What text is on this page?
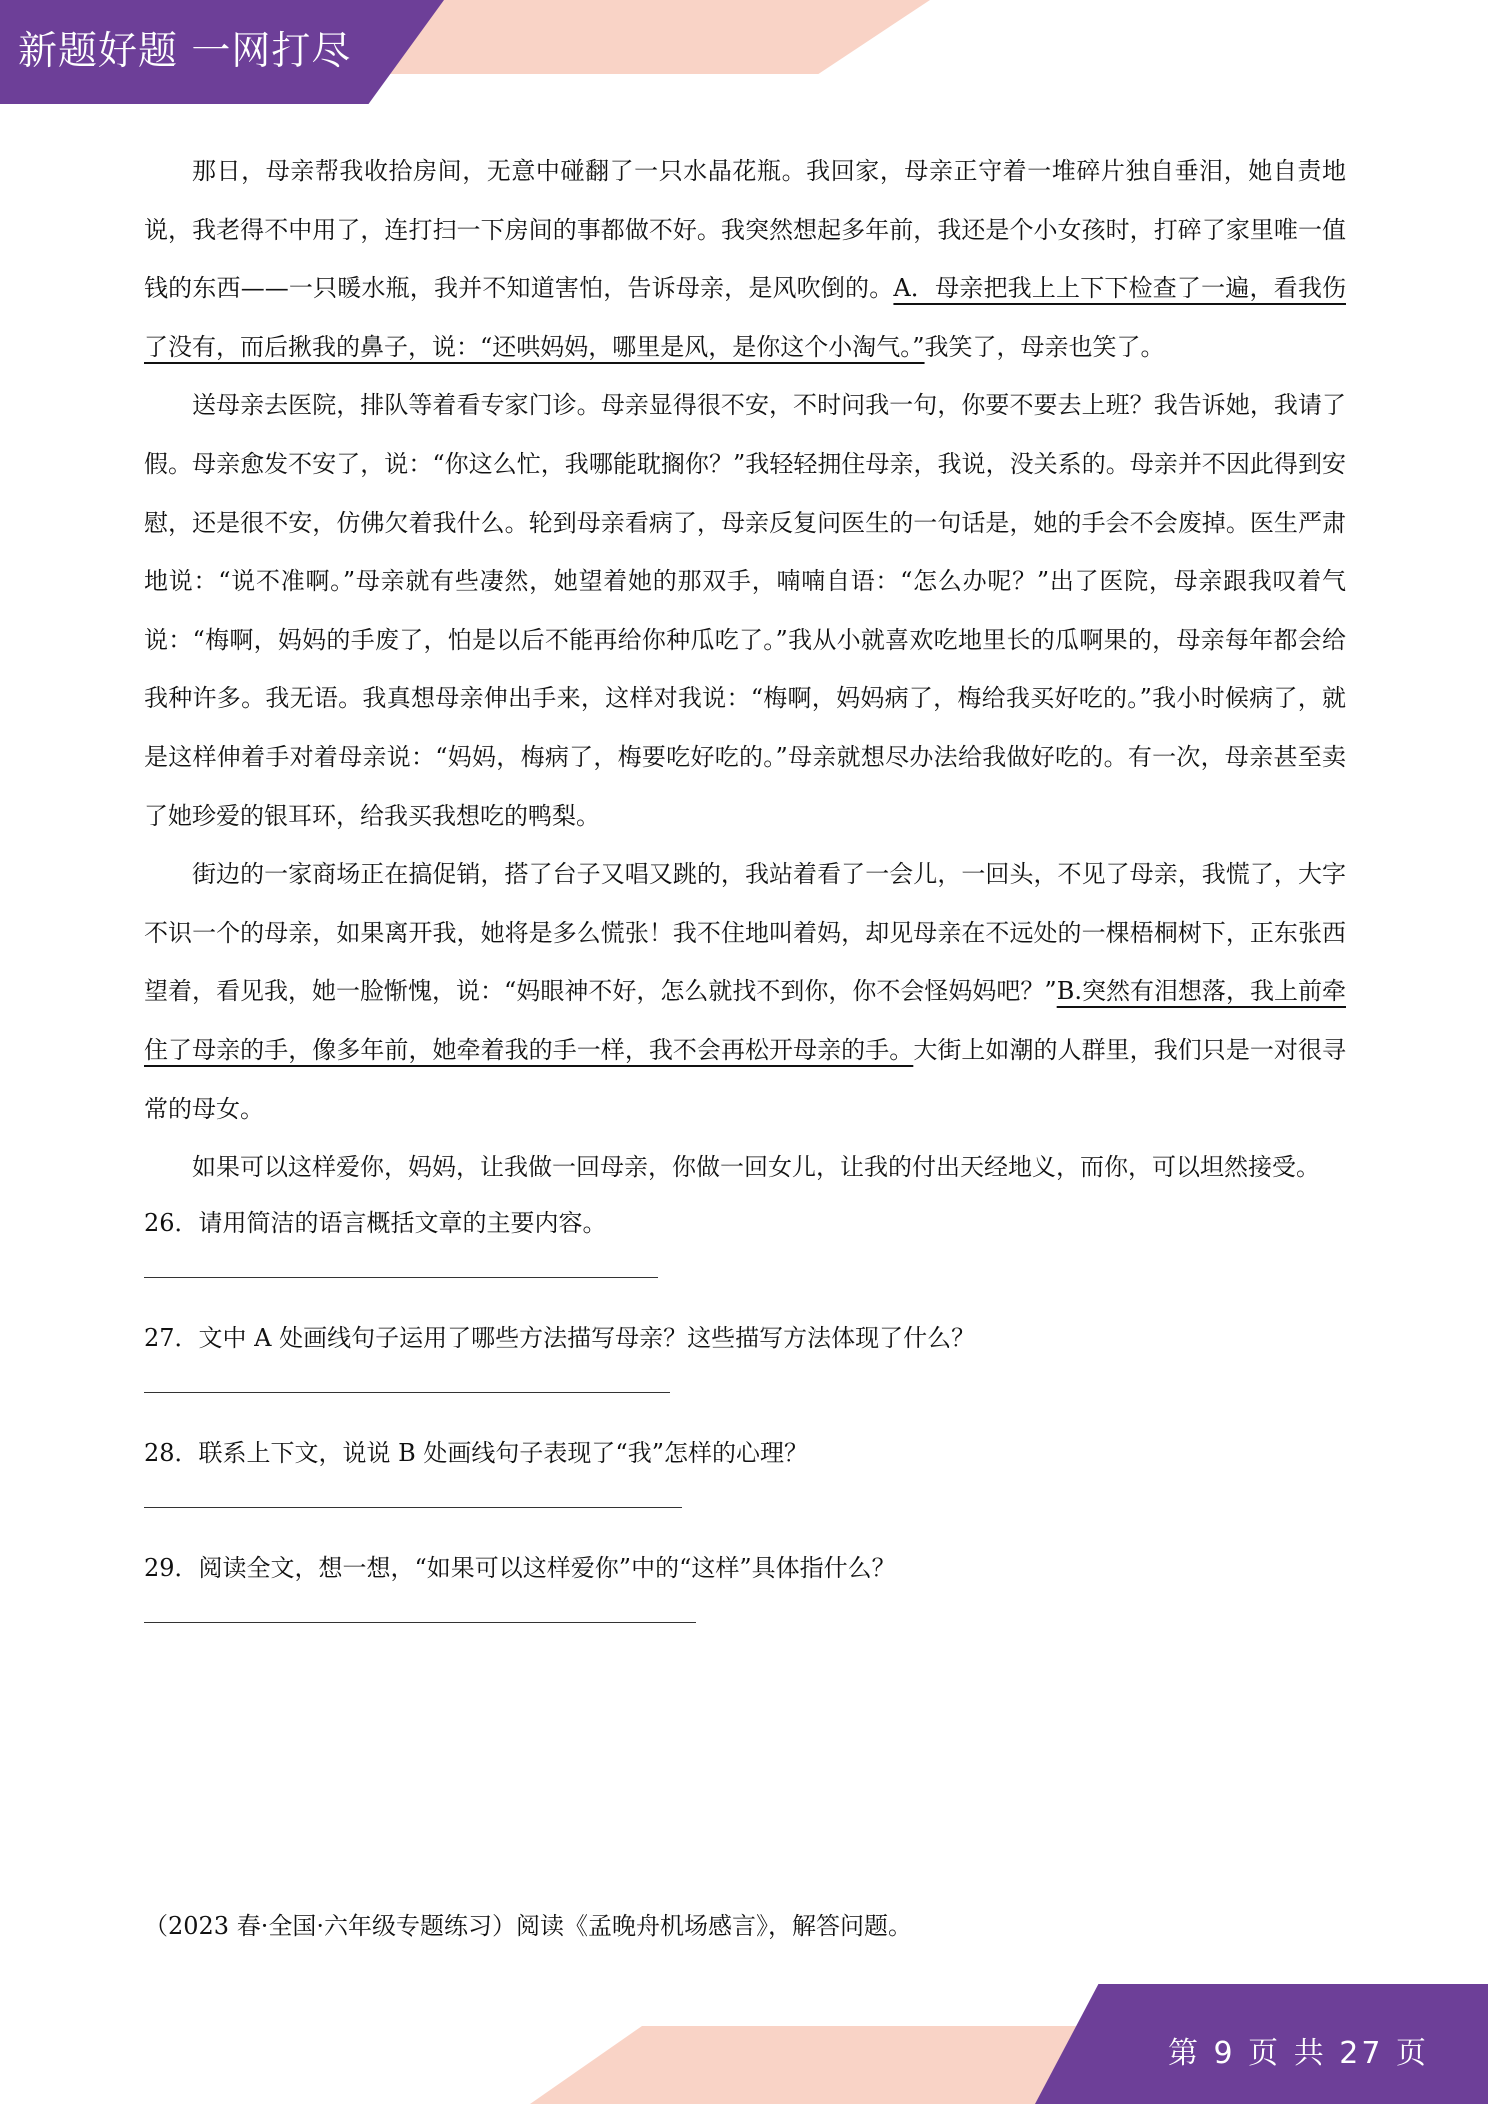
新题好题 一网打尽

那日，母亲帮我收拾房间，无意中碰翻了一只水晶花瓶。我回家，母亲正守着一堆碎片独自垂泪，她自责地说，我老得不中用了，连打扫一下房间的事都做不好。我突然想起多年前，我还是个小女孩时，打碎了家里唯一值钱的东西——一只暖水瓶，我并不知道害怕，告诉母亲，是风吹倒的。A．母亲把我上上下下检查了一遍，看我伤了没有，而后揪我的鼻子，说：“还哄妈妈，哪里是风，是你这个小淘气。”我笑了，母亲也笑了。

送母亲去医院，排队等着看专家门诊。母亲显得很不安，不时问我一句，你要不要去上班？我告诉她，我请了假。母亲愈发不安了，说：“你这么忙，我哪能耽搁你？”我轻轻拥住母亲，我说，没关系的。母亲并不因此得到安慰，还是很不安，仿佛欠着我什么。轮到母亲看病了，母亲反复问医生的一句话是，她的手会不会废掉。医生严肃地说：“说不准啊。”母亲就有些凄然，她望着她的那双手，喃喃自语：“怎么办呢？”出了医院，母亲跟我叹着气说：“梅啊，妈妈的手废了，怕是以后不能再给你种瓜吃了。”我从小就喜欢吃地里长的瓜啊果的，母亲每年都会给我种许多。我无语。我真想母亲伸出手来，这样对我说：“梅啊，妈妈病了，梅给我买好吃的。”我小时候病了，就是这样伸着手对着母亲说：“妈妈，梅病了，梅要吃好吃的。”母亲就想尽办法给我做好吃的。有一次，母亲甚至卖了她珍爱的银耳环，给我买我想吃的鸭梨。

街边的一家商场正在搞促销，搭了台子又唱又跳的，我站着看了一会儿，一回头，不见了母亲，我慌了，大字不识一个的母亲，如果离开我，她将是多么慌张！我不住地叫着妈，却见母亲在不远处的一棵梧桐树下，正东张西望着，看见我，她一脸惭愧，说：“妈眼神不好，怎么就找不到你，你不会怪妈妈吧？”B.突然有泪想落，我上前牵住了母亲的手，像多年前，她牵着我的手一样，我不会再松开母亲的手。大街上如潮的人群里，我们只是一对很寻常的母女。

如果可以这样爱你，妈妈，让我做一回母亲，你做一回女儿，让我的付出天经地义，而你，可以坦然接受。

26．请用简洁的语言概括文章的主要内容。

27．文中 A 处画线句子运用了哪些方法描写母亲？这些描写方法体现了什么？

28．联系上下文，说说 B 处画线句子表现了“我”怎样的心理？

29．阅读全文，想一想，“如果可以这样爱你”中的“这样”具体指什么？

（2023 春·全国·六年级专题练习）阅读《孟晚舟机场感言》，解答问题。
第 9 页 共 27 页
